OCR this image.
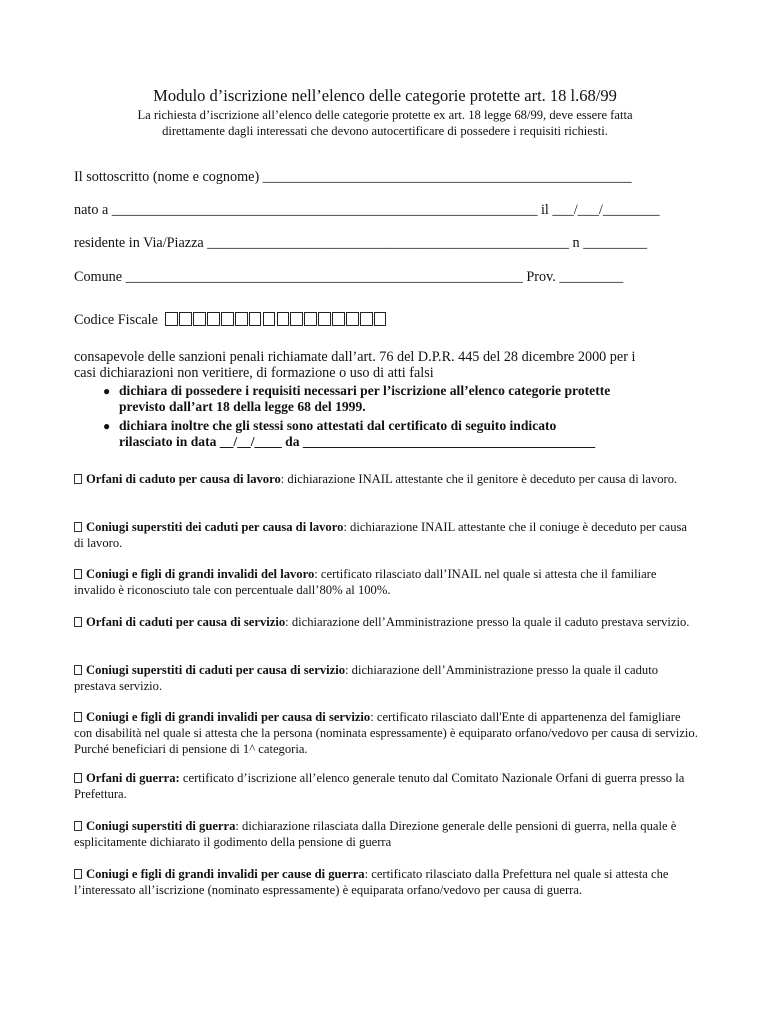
Modulo d’iscrizione nell’elenco delle categorie protette art. 18 l.68/99
La richiesta d’iscrizione all’elenco delle categorie protette ex art. 18 legge 68/99, deve essere fatta
direttamente dagli interessati che devono autocertificare di possedere i requisiti richiesti.
Il sottoscritto (nome e cognome) ____________________________________________________
nato a ____________________________________________________________ il ___/___/________
residente in Via/Piazza ___________________________________________________ n _________
Comune ________________________________________________________ Prov. _________
Codice Fiscale
consapevole delle sanzioni penali richiamate dall’art. 76 del D.P.R. 445 del 28 dicembre 2000 per i
casi dichiarazioni non veritiere, di formazione o uso di atti falsi
● dichiara di possedere i requisiti necessari per l’iscrizione all’elenco categorie protette
previsto dall’art 18 della legge 68 del 1999.
● dichiara inoltre che gli stessi sono attestati dal certificato di seguito indicato
rilasciato in data __/__/____ da ___________________________________________
Orfani di caduto per causa di lavoro: dichiarazione INAIL attestante che il genitore è deceduto per causa di lavoro.
Coniugi superstiti dei caduti per causa di lavoro: dichiarazione INAIL attestante che il coniuge è deceduto per causa di lavoro.
Coniugi e figli di grandi invalidi del lavoro: certificato rilasciato dall’INAIL nel quale si attesta che il familiare invalido è riconosciuto tale con percentuale dall’80% al 100%.
Orfani di caduti per causa di servizio: dichiarazione dell’Amministrazione presso la quale il caduto prestava servizio.
Coniugi superstiti di caduti per causa di servizio: dichiarazione dell’Amministrazione presso la quale il caduto prestava servizio.
Coniugi e figli di grandi invalidi per causa di servizio: certificato rilasciato dall'Ente di appartenenza del famigliare con disabilità nel quale si attesta che la persona (nominata espressamente) è equiparato orfano/vedovo per causa di servizio. Purché beneficiari di pensione di 1^ categoria.
Orfani di guerra: certificato d’iscrizione all’elenco generale tenuto dal Comitato Nazionale Orfani di guerra presso la Prefettura.
Coniugi superstiti di guerra: dichiarazione rilasciata dalla Direzione generale delle pensioni di guerra, nella quale è esplicitamente dichiarato il godimento della pensione di guerra
Coniugi e figli di grandi invalidi per cause di guerra: certificato rilasciato dalla Prefettura nel quale si attesta che l’interessato all’iscrizione (nominato espressamente) è equiparata orfano/vedovo per causa di guerra.
